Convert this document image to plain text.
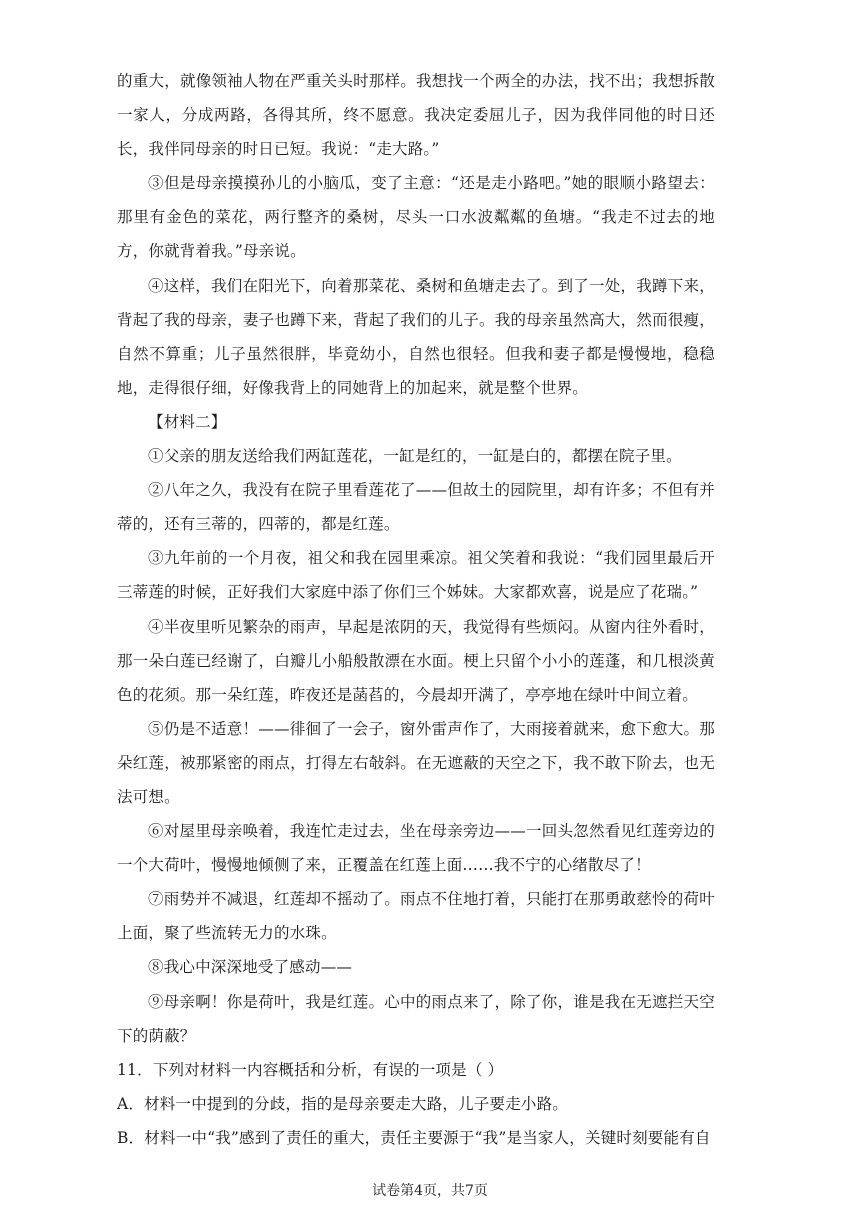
的重大，就像领袖人物在严重关头时那样。我想找一个两全的办法，找不出；我想拆散一家人，分成两路，各得其所，终不愿意。我决定委屈儿子，因为我伴同他的时日还长，我伴同母亲的时日已短。我说：“走大路。”

③但是母亲摸摸孙儿的小脑瓜，变了主意：“还是走小路吧。”她的眼顺小路望去：那里有金色的菜花，两行整齐的桑树，尽头一口水波粼粼的鱼塘。“我走不过去的地方，你就背着我。”母亲说。

④这样，我们在阳光下，向着那菜花、桑树和鱼塘走去了。到了一处，我蹲下来，背起了我的母亲，妻子也蹲下来，背起了我们的儿子。我的母亲虽然高大，然而很瘦，自然不算重；儿子虽然很胖，毕竟幼小，自然也很轻。但我和妻子都是慢慢地，稳稳地，走得很仔细，好像我背上的同她背上的加起来，就是整个世界。

【材料二】

①父亲的朋友送给我们两缸莲花，一缸是红的，一缸是白的，都摆在院子里。

②八年之久，我没有在院子里看莲花了——但故土的园院里，却有许多；不但有并蒂的，还有三蒂的，四蒂的，都是红莲。

③九年前的一个月夜，祖父和我在园里乘凉。祖父笑着和我说：“我们园里最后开三蒂莲的时候，正好我们大家庭中添了你们三个姊妹。大家都欢喜，说是应了花瑞。”

④半夜里听见繁杂的雨声，早起是浓阴的天，我觉得有些烦闷。从窗内往外看时，那一朵白莲已经谢了，白瓣儿小船般散漂在水面。梗上只留个小小的莲蓬，和几根淡黄色的花须。那一朵红莲，昨夜还是菡萏的，今晨却开满了，亭亭地在绿叶中间立着。

⑤仍是不适意！——徘徊了一会子，窗外雷声作了，大雨接着就来，愈下愈大。那朵红莲，被那紧密的雨点，打得左右敧斜。在无遮蔽的天空之下，我不敢下阶去，也无法可想。

⑥对屋里母亲唤着，我连忙走过去，坐在母亲旁边——一回头忽然看见红莲旁边的一个大荷叶，慢慢地倾侧了来，正覆盖在红莲上面……我不宁的心绪散尽了！

⑦雨势并不减退，红莲却不摇动了。雨点不住地打着，只能打在那勇敢慈怜的荷叶上面，聚了些流转无力的水珠。

⑧我心中深深地受了感动——

⑨母亲啊！你是荷叶，我是红莲。心中的雨点来了，除了你，谁是我在无遮拦天空下的荫蔽？

11．下列对材料一内容概括和分析，有误的一项是（ ）

A．材料一中提到的分歧，指的是母亲要走大路，儿子要走小路。

B．材料一中“我”感到了责任的重大，责任主要源于“我”是当家人，关键时刻要能有自

试卷第4页，共7页
